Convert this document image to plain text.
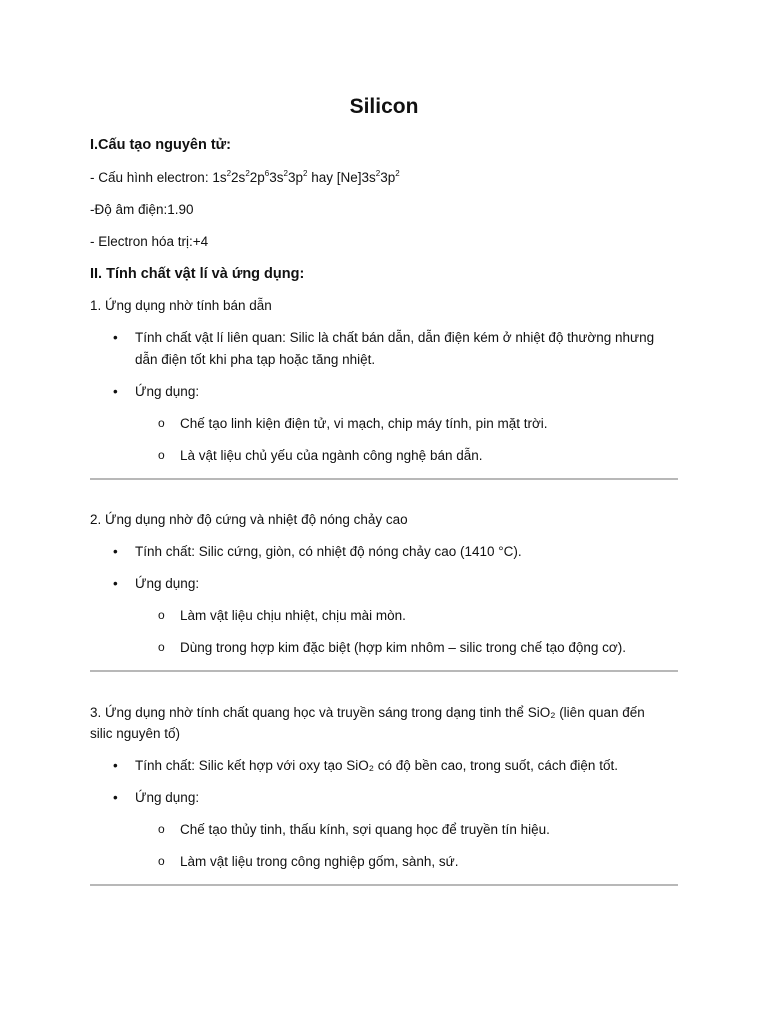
Silicon
I.Cấu tạo nguyên tử:
- Cấu hình electron: $1s^22s^22p^63s^23p^2$ hay $[Ne]3s^23p^2$
-Độ âm điện:1.90
- Electron hóa trị:+4
II. Tính chất vật lí và ứng dụng:
1. Ứng dụng nhờ tính bán dẫn
• Tính chất vật lí liên quan: Silic là chất bán dẫn, dẫn điện kém ở nhiệt độ thường nhưng
dẫn điện tốt khi pha tạp hoặc tăng nhiệt.
• Ứng dụng:
o Chế tạo linh kiện điện tử, vi mạch, chip máy tính, pin mặt trời.
o Là vật liệu chủ yếu của ngành công nghệ bán dẫn.
2. Ứng dụng nhờ độ cứng và nhiệt độ nóng chảy cao
• Tính chất: Silic cứng, giòn, có nhiệt độ nóng chảy cao (1410 °C).
• Ứng dụng:
o Làm vật liệu chịu nhiệt, chịu mài mòn.
o Dùng trong hợp kim đặc biệt (hợp kim nhôm – silic trong chế tạo động cơ).
3. Ứng dụng nhờ tính chất quang học và truyền sáng trong dạng tinh thể SiO₂ (liên quan đến
silic nguyên tố)
• Tính chất: Silic kết hợp với oxy tạo SiO₂ có độ bền cao, trong suốt, cách điện tốt.
• Ứng dụng:
o Chế tạo thủy tinh, thấu kính, sợi quang học để truyền tín hiệu.
o Làm vật liệu trong công nghiệp gốm, sành, sứ.
